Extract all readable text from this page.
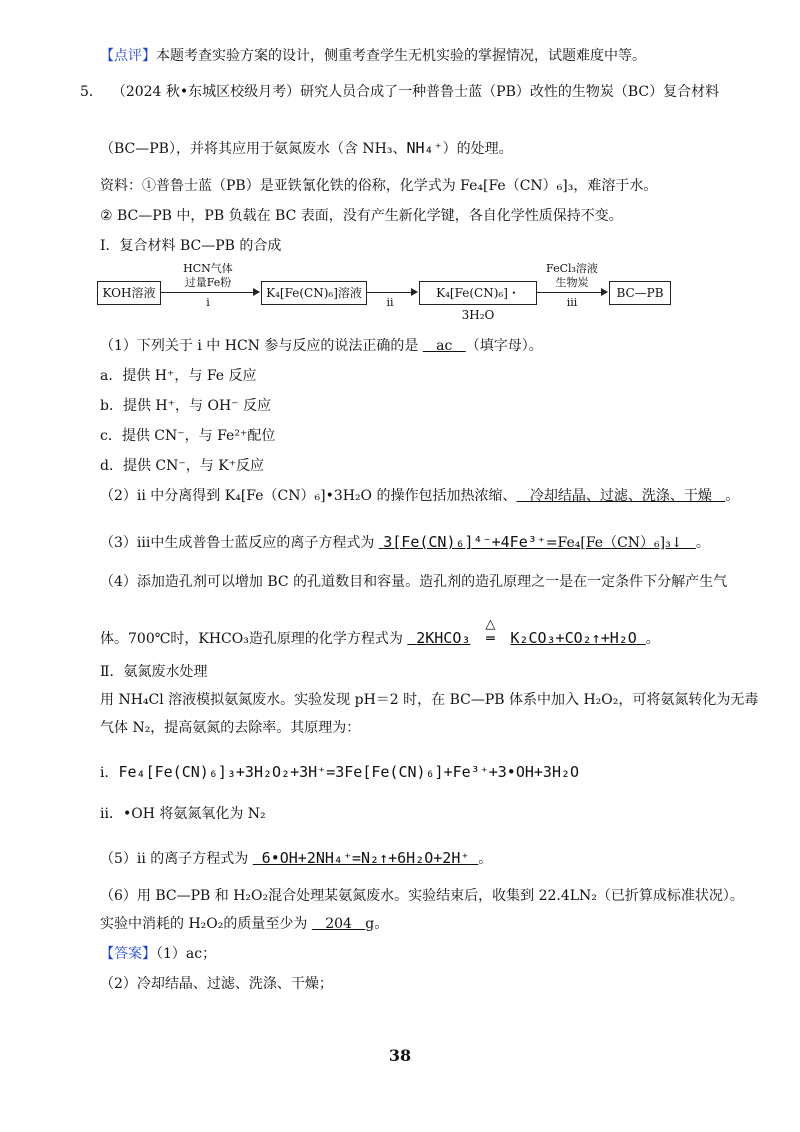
【点评】本题考查实验方案的设计，侧重考查学生无机实验的掌握情况，试题难度中等。
5． （2024 秋•东城区校级月考）研究人员合成了一种普鲁士蓝（PB）改性的生物炭（BC）复合材料
（BC—PB），并将其应用于氨氮废水（含 NH₃、NH₄⁺）的处理。
资料：①普鲁士蓝（PB）是亚铁氰化铁的俗称，化学式为 Fe₄[Fe（CN）₆]₃，难溶于水。
② BC—PB 中，PB 负载在 BC 表面，没有产生新化学键，各自化学性质保持不变。
Ⅰ．复合材料 BC—PB 的合成
KOH溶液
HCN气体
过量Fe粉
i
K₄[Fe(CN)₆]溶液
ii
K₄[Fe(CN)₆]・3H₂O
FeCl₃溶液
生物炭
iii
BC—PB
（1）下列关于 i 中 HCN 参与反应的说法正确的是 ac （填字母）。
a．提供 H⁺，与 Fe 反应
b．提供 H⁺，与 OH⁻ 反应
c．提供 CN⁻，与 Fe²⁺配位
d．提供 CN⁻，与 K⁺反应
（2）ii 中分离得到 K₄[Fe（CN）₆]•3H₂O 的操作包括加热浓缩、 冷却结晶、过滤、洗涤、干燥 。
（3）iii中生成普鲁士蓝反应的离子方程式为 3[Fe(CN)₆]⁴⁻+4Fe³⁺=Fe₄[Fe（CN）₆]₃↓ 。
（4）添加造孔剂可以增加 BC 的孔道数目和容量。造孔剂的造孔原理之一是在一定条件下分解产生气
体。700℃时，KHCO₃造孔原理的化学方程式为 2KHCO₃
△
═ K₂CO₃+CO₂↑+H₂O 。
Ⅱ．氨氮废水处理
用 NH₄Cl 溶液模拟氨氮废水。实验发现 pH＝2 时，在 BC—PB 体系中加入 H₂O₂，可将氨氮转化为无毒
气体 N₂，提高氨氮的去除率。其原理为：
i．Fe₄[Fe(CN)₆]₃+3H₂O₂+3H⁺=3Fe[Fe(CN)₆]+Fe³⁺+3•OH+3H₂O
ii．•OH 将氨氮氧化为 N₂
（5）ii 的离子方程式为 6•OH+2NH₄⁺=N₂↑+6H₂O+2H⁺ 。
（6）用 BC—PB 和 H₂O₂混合处理某氨氮废水。实验结束后，收集到 22.4LN₂（已折算成标准状况）。
实验中消耗的 H₂O₂的质量至少为 204 g。
【答案】（1）ac；
（2）冷却结晶、过滤、洗涤、干燥；
38
